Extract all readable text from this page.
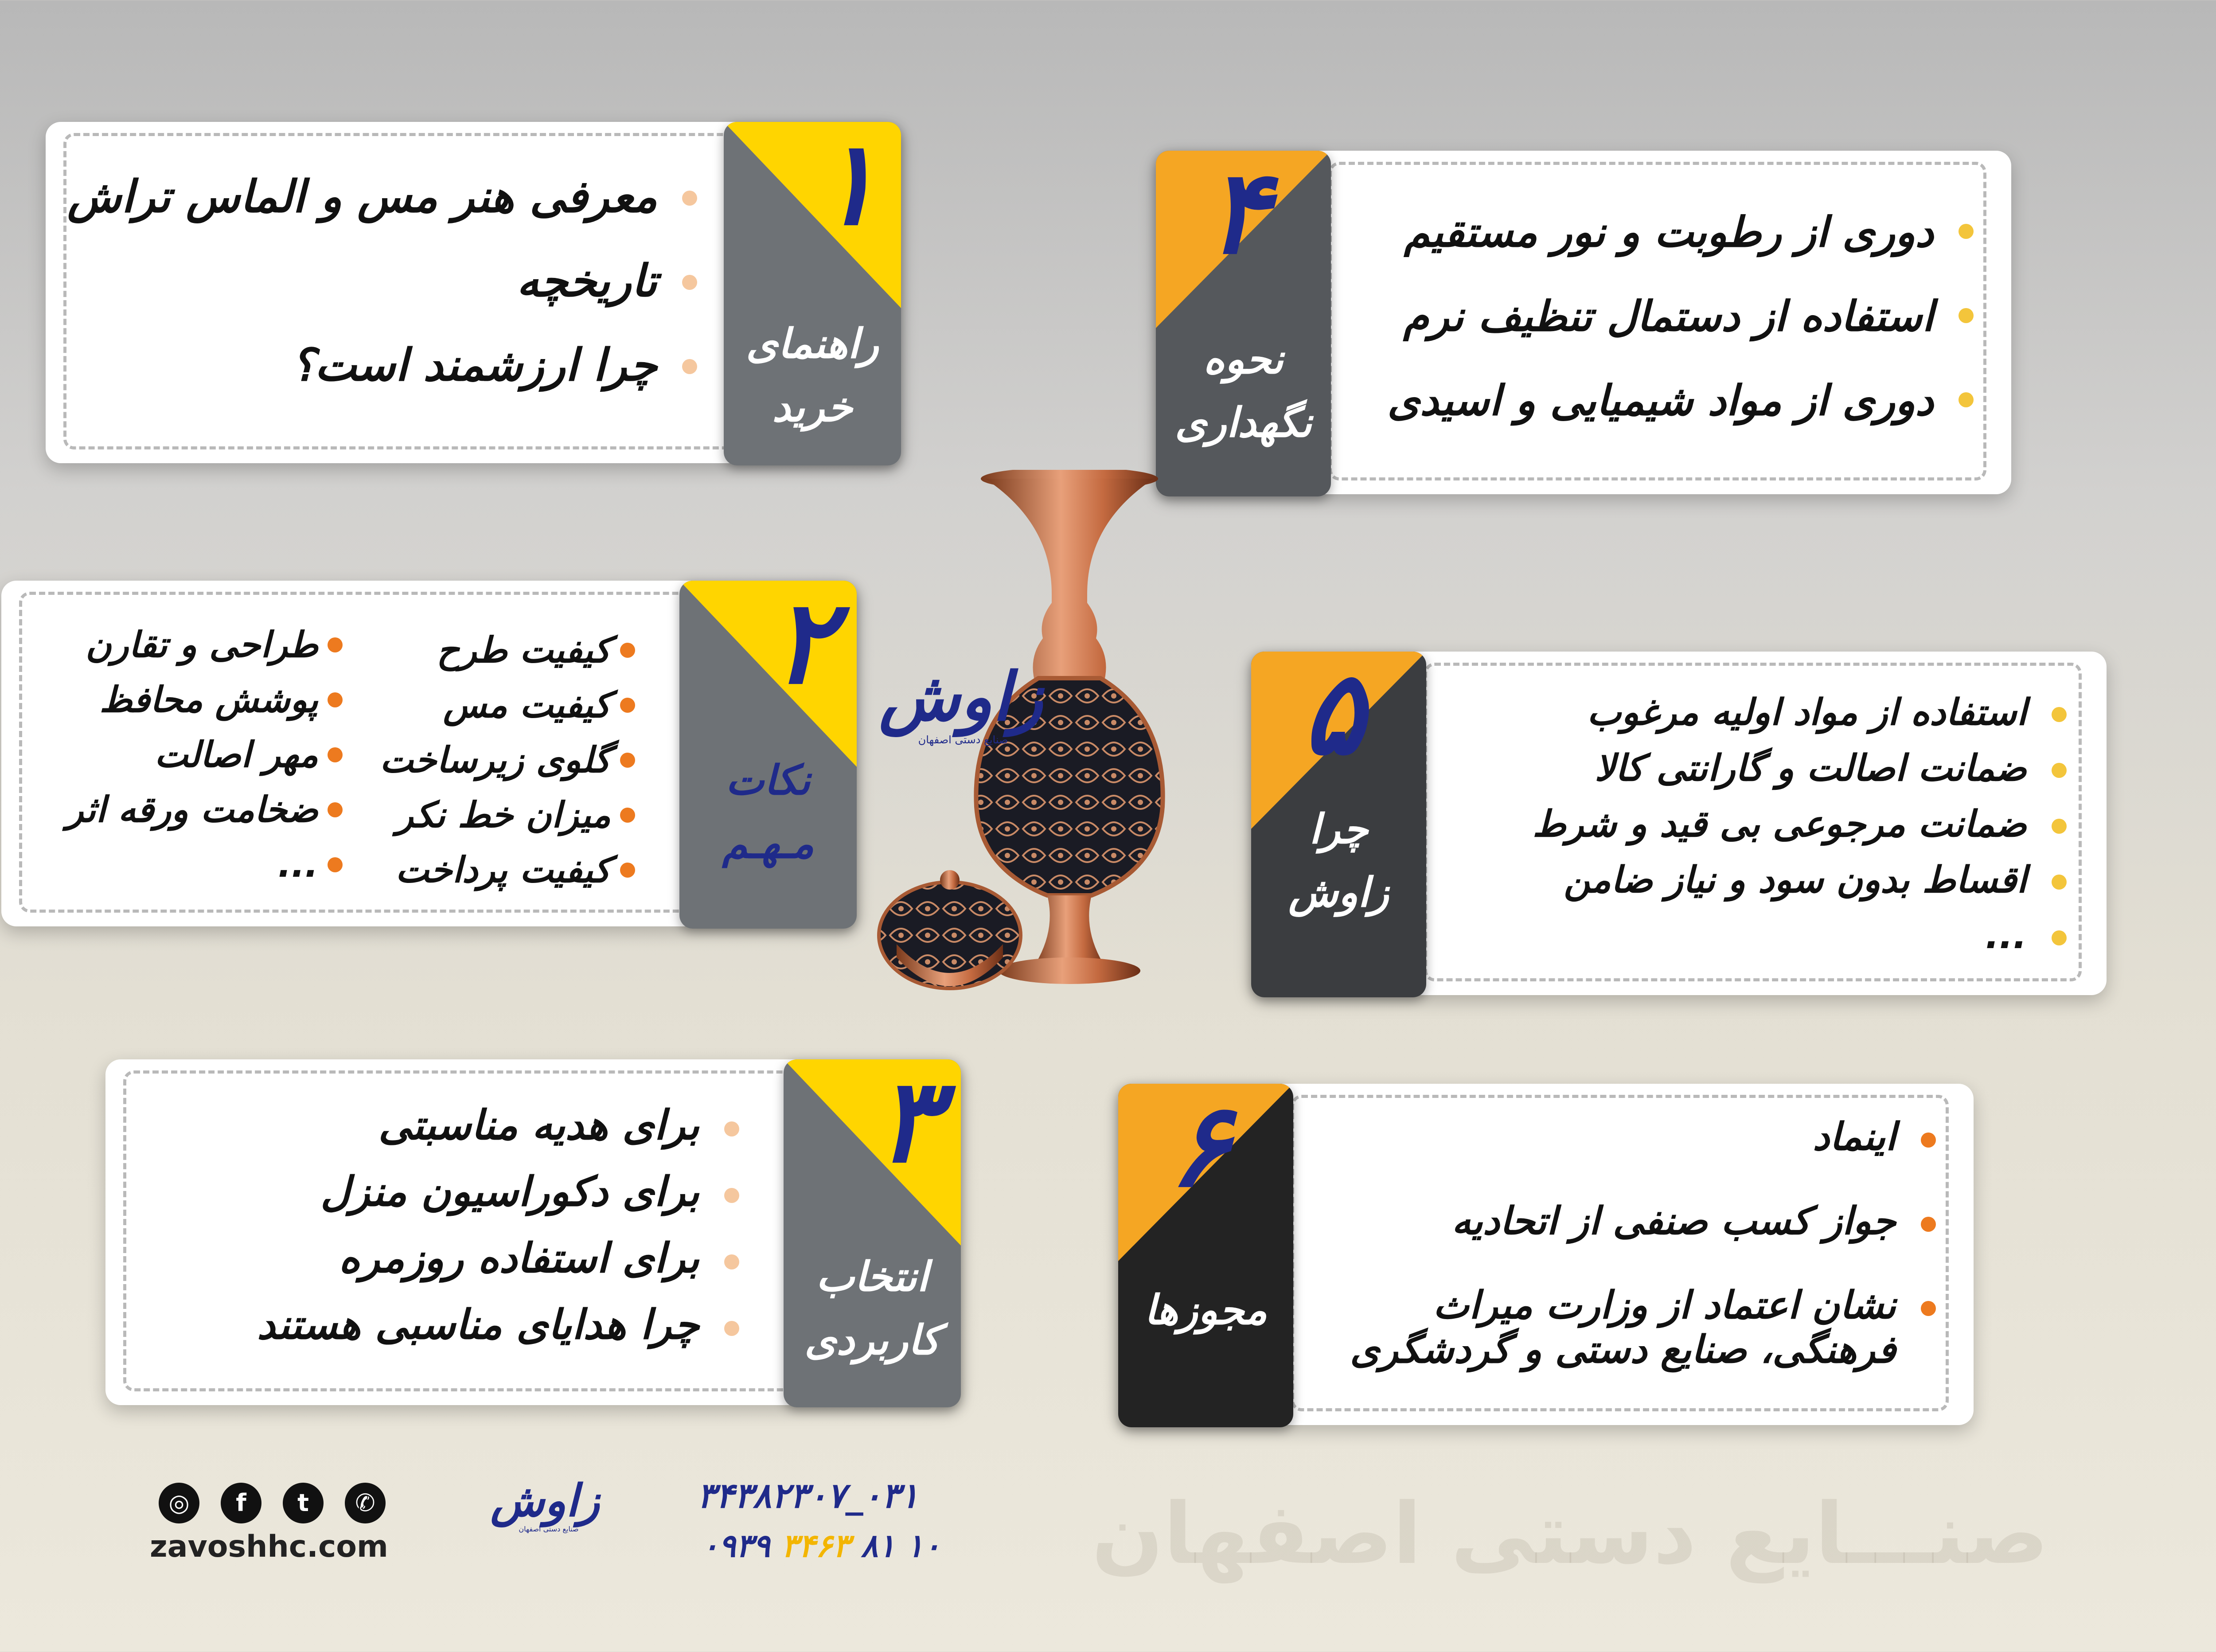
صنـــایع دستی اصفهان
معرفی هنر مس و الماس تراش
تاریخچه
چرا ارزشمند است؟
۱
راهنمای
خرید
دوری از رطوبت و نور مستقیم
استفاده از دستمال تنظیف نرم
دوری از مواد شیمیایی و اسیدی
۴
نحوه
نگهداری
کیفیت طرح
کیفیت مس
گلوی زیرساخت
میزان خط نکر
کیفیت پرداخت
طراحی و تقارن
پوشش محافظ
مهر اصالت
ضخامت ورقه اثر
...
۲
نکات
مـهـم
استفاده از مواد اولیه مرغوب
ضمانت اصالت و گارانتی کالا
ضمانت مرجوعی بی قید و شرط
اقساط بدون سود و نیاز ضامن
...
۵
چرا
زاوش
برای هدیه مناسبتی
برای دکوراسیون منزل
برای استفاده روزمره
چرا هدایای مناسبی هستند
۳
انتخاب
کاربردی
اینماد
جواز کسب صنفی از اتحادیه
نشان اعتماد از وزارت میراث
فرهنگی، صنایع دستی و گردشگری
۶
مجوزها
زاوش
صنایع دستی اصفهان
◎	f	t	✆
zavoshhc.com
زاوش
صنایع دستی اصفهان
۰۳۱_۳۴۳۸۲۳۰۷
۰۹۳۹ ۳۴۶۳ ۸۱ ۱۰
